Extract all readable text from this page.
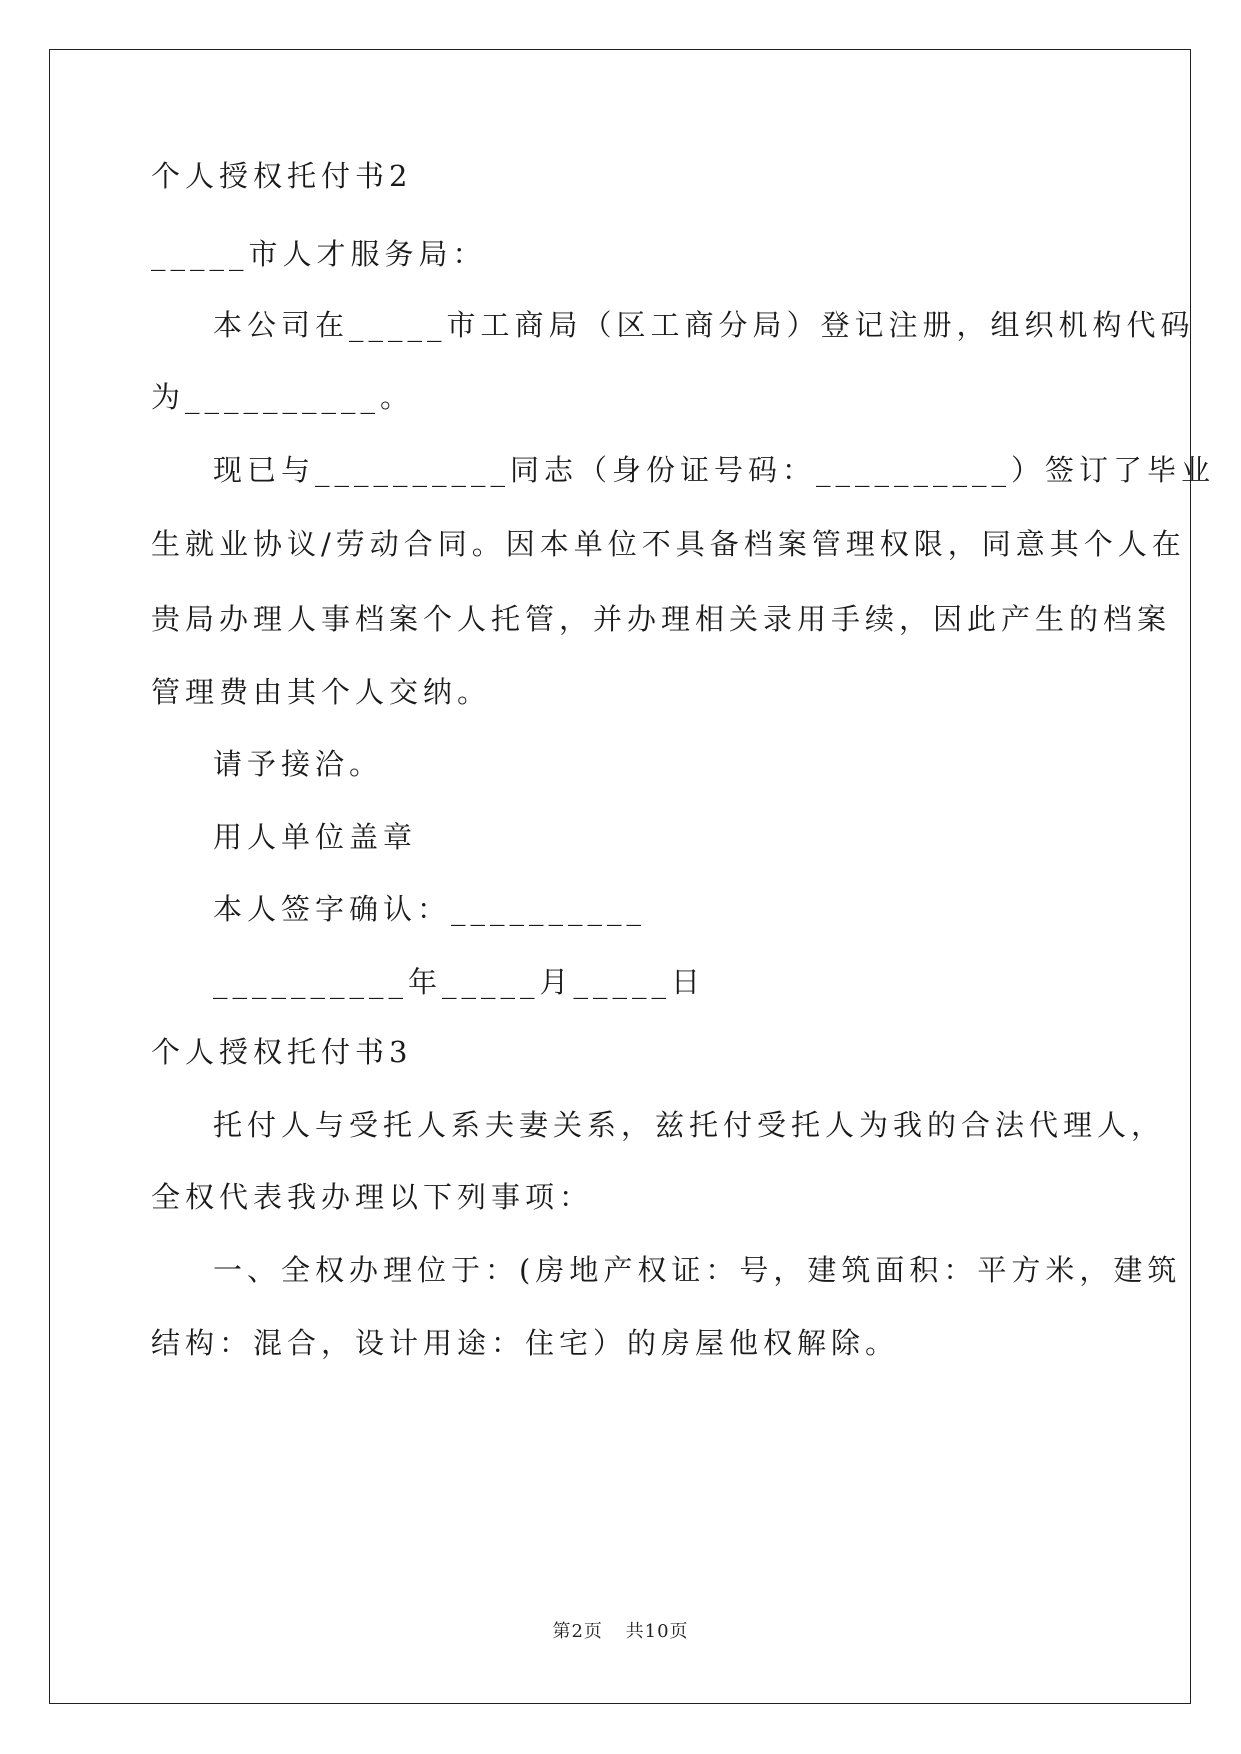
个人授权托付书2
_____市人才服务局：
本公司在_____市工商局（区工商分局）登记注册，组织机构代码
为__________。
现已与__________同志（身份证号码：__________）签订了毕业
生就业协议/劳动合同。因本单位不具备档案管理权限，同意其个人在
贵局办理人事档案个人托管，并办理相关录用手续，因此产生的档案
管理费由其个人交纳。
请予接洽。
用人单位盖章
本人签字确认：__________
__________年_____月_____日
个人授权托付书3
托付人与受托人系夫妻关系，兹托付受托人为我的合法代理人，
全权代表我办理以下列事项：
一、全权办理位于：(房地产权证：号，建筑面积：平方米，建筑
结构：混合，设计用途：住宅）的房屋他权解除。
第2页 共10页
